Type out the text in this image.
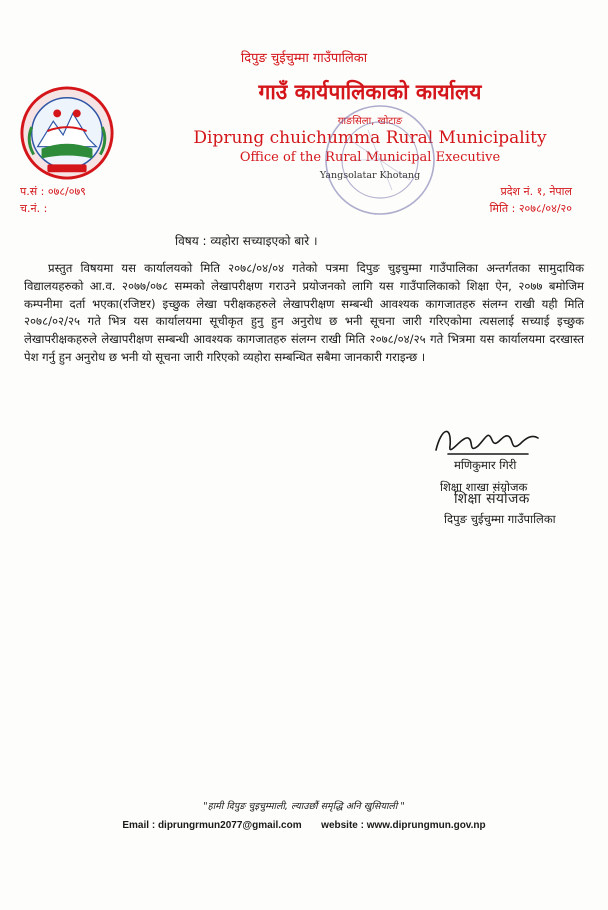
दिपुङ चुईचुम्मा गाउँपालिका
गाउँ कार्यपालिकाको कार्यालय
याङसिला, खोटाङ
Diprung chuichumma Rural Municipality
Office of the Rural Municipal Executive
Yangsolatar Khotang
प.सं : ०७८/०७९
च.नं. :
प्रदेश नं. १, नेपाल
मिति : २०७८/०४/२०
विषय : व्यहोरा सच्याइएको बारे ।

प्रस्तुत विषयमा यस कार्यालयको मिति २०७८/०४/०४ गतेको पत्रमा दिपुङ चुइचुम्मा गाउँपालिका अन्तर्गतका सामुदायिक विद्यालयहरुको आ.व. २०७७/०७८ सम्मको लेखापरीक्षण गराउने प्रयोजनको लागि यस गाउँपालिकाको शिक्षा ऐन, २०७७ बमोजिम कम्पनीमा दर्ता भएका(रजिष्टर) इच्छुक लेखा परीक्षकहरुले लेखापरीक्षण सम्बन्धी आवश्यक कागजातहरु संलग्न राखी यही मिति २०७८/०२/२५ गते भित्र यस कार्यालयमा सूचीकृत हुनु हुन अनुरोध छ भनी सूचना जारी गरिएकोमा त्यसलाई सच्याई इच्छुक लेखापरीक्षकहरुले लेखापरीक्षण सम्बन्धी आवश्यक कागजातहरु संलग्न राखी मिति २०७८/०४/२५ गते भित्रमा यस कार्यालयमा दरखास्त पेश गर्नु हुन अनुरोध छ भनी यो सूचना जारी गरिएको व्यहोरा सम्बन्धित सबैमा जानकारी गराइन्छ ।

मणिकुमार गिरी
शिक्षा शाखा संयोजक
शिक्षा संयोजक
दिपुङ चुईचुम्मा गाउँपालिका
"हामी दिपुङ चुइचुम्माली, ल्याउछौं समृद्धि अनि खुसियाली "
Email : diprungrmun2077@gmail.com website : www.diprungmun.gov.np
